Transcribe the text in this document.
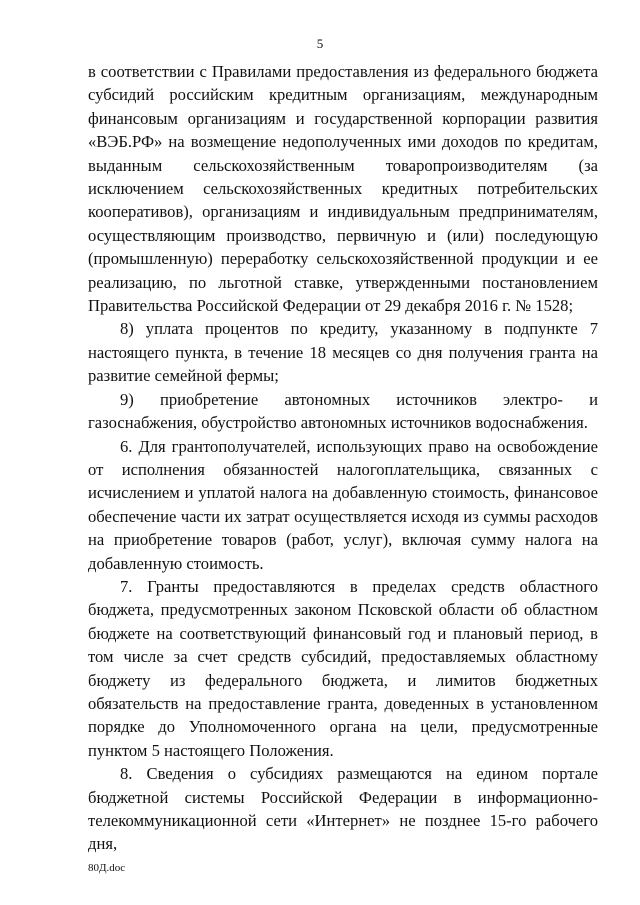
5

в соответствии с Правилами предоставления из федерального бюджета субсидий российским кредитным организациям, международным финансовым организациям и государственной корпорации развития «ВЭБ.РФ» на возмещение недополученных ими доходов по кредитам, выданным сельскохозяйственным товаропроизводителям (за исключением сельскохозяйственных кредитных потребительских кооперативов), организациям и индивидуальным предпринимателям, осуществляющим производство, первичную и (или) последующую (промышленную) переработку сельскохозяйственной продукции и ее реализацию, по льготной ставке, утвержденными постановлением Правительства Российской Федерации от 29 декабря 2016 г. № 1528;

8) уплата процентов по кредиту, указанному в подпункте 7 настоящего пункта, в течение 18 месяцев со дня получения гранта на развитие семейной фермы;

9) приобретение автономных источников электро- и газоснабжения, обустройство автономных источников водоснабжения.

6. Для грантополучателей, использующих право на освобождение от исполнения обязанностей налогоплательщика, связанных с исчислением и уплатой налога на добавленную стоимость, финансовое обеспечение части их затрат осуществляется исходя из суммы расходов на приобретение товаров (работ, услуг), включая сумму налога на добавленную стоимость.

7. Гранты предоставляются в пределах средств областного бюджета, предусмотренных законом Псковской области об областном бюджете на соответствующий финансовый год и плановый период, в том числе за счет средств субсидий, предоставляемых областному бюджету из федерального бюджета, и лимитов бюджетных обязательств на предоставление гранта, доведенных в установленном порядке до Уполномоченного органа на цели, предусмотренные пунктом 5 настоящего Положения.

8. Сведения о субсидиях размещаются на едином портале бюджетной системы Российской Федерации в информационно-телекоммуникационной сети «Интернет» не позднее 15-го рабочего дня,

80Д.doc
